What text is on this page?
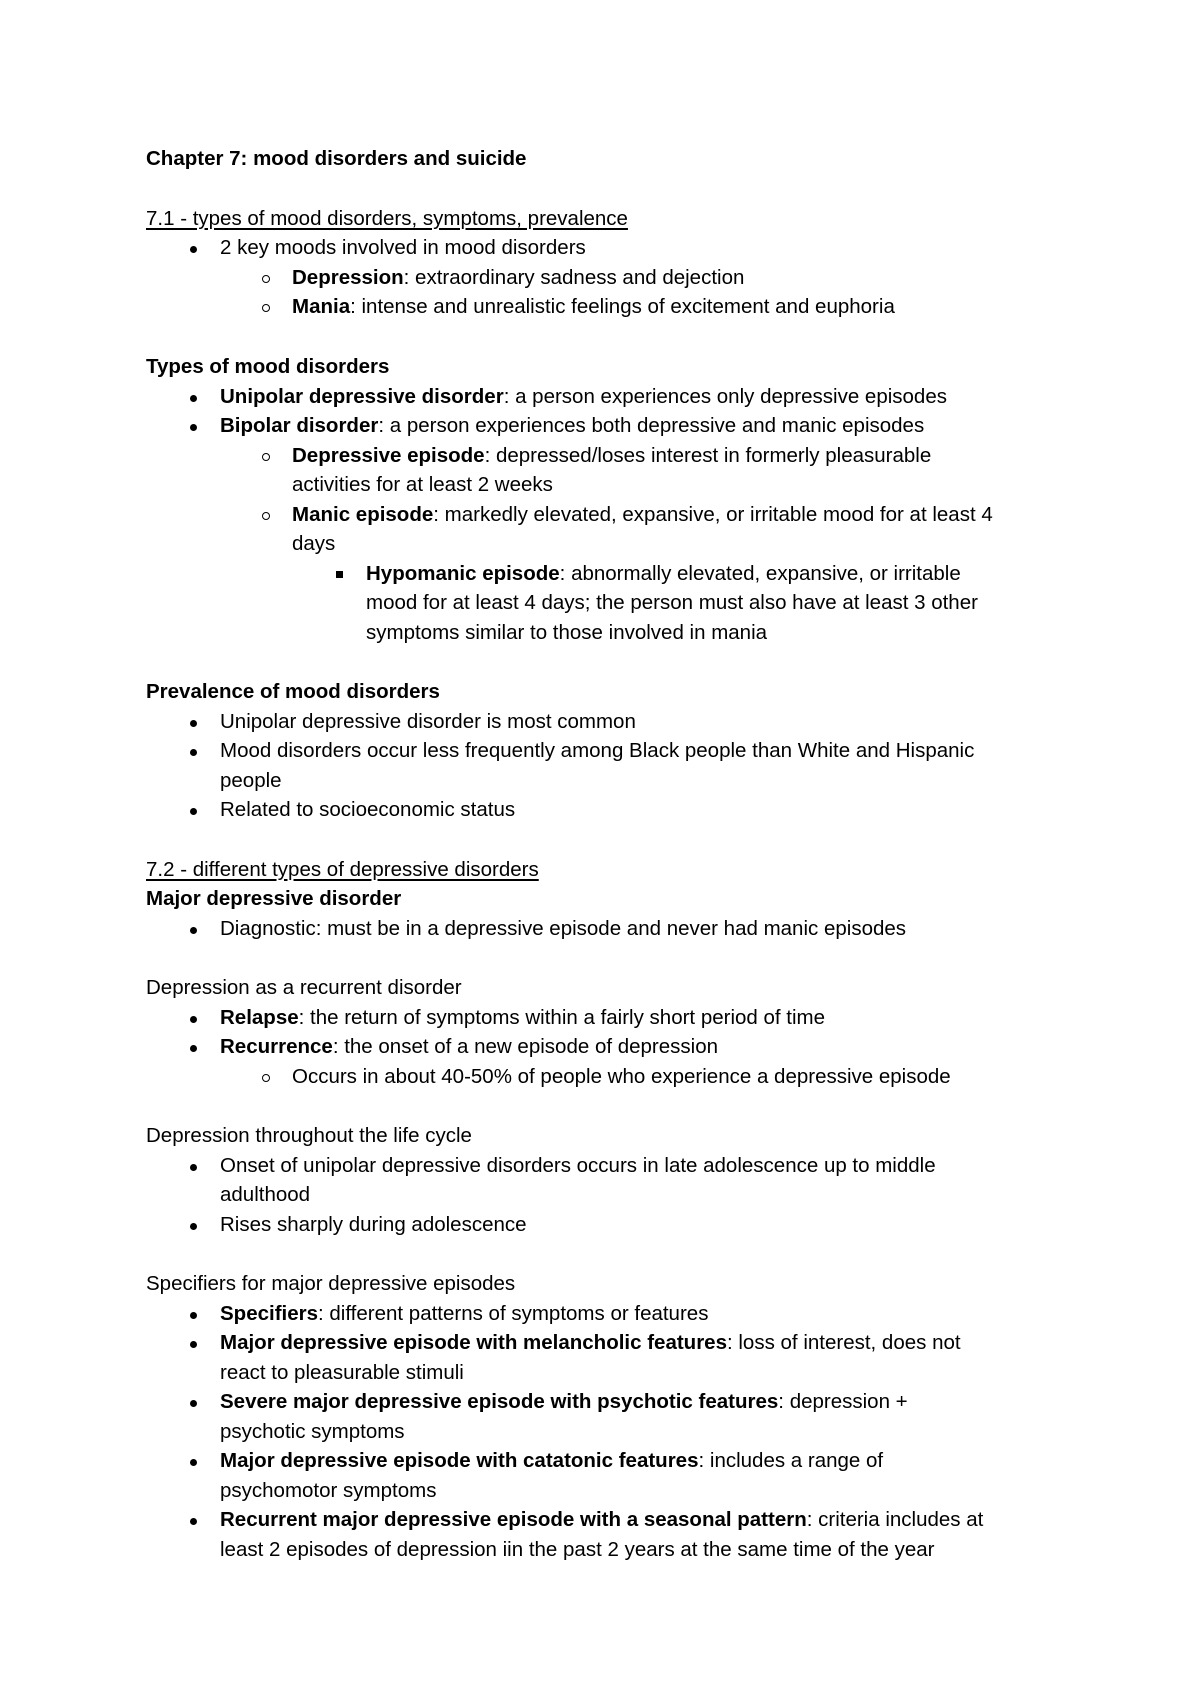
Chapter 7: mood disorders and suicide
7.1 - types of mood disorders, symptoms, prevalence
2 key moods involved in mood disorders
Depression: extraordinary sadness and dejection
Mania: intense and unrealistic feelings of excitement and euphoria
Types of mood disorders
Unipolar depressive disorder: a person experiences only depressive episodes
Bipolar disorder: a person experiences both depressive and manic episodes
Depressive episode: depressed/loses interest in formerly pleasurable
activities for at least 2 weeks
Manic episode: markedly elevated, expansive, or irritable mood for at least 4
days
Hypomanic episode: abnormally elevated, expansive, or irritable
mood for at least 4 days; the person must also have at least 3 other
symptoms similar to those involved in mania
Prevalence of mood disorders
Unipolar depressive disorder is most common
Mood disorders occur less frequently among Black people than White and Hispanic
people
Related to socioeconomic status
7.2 - different types of depressive disorders
Major depressive disorder
Diagnostic: must be in a depressive episode and never had manic episodes
Depression as a recurrent disorder
Relapse: the return of symptoms within a fairly short period of time
Recurrence: the onset of a new episode of depression
Occurs in about 40-50% of people who experience a depressive episode
Depression throughout the life cycle
Onset of unipolar depressive disorders occurs in late adolescence up to middle
adulthood
Rises sharply during adolescence
Specifiers for major depressive episodes
Specifiers: different patterns of symptoms or features
Major depressive episode with melancholic features: loss of interest, does not
react to pleasurable stimuli
Severe major depressive episode with psychotic features: depression +
psychotic symptoms
Major depressive episode with catatonic features: includes a range of
psychomotor symptoms
Recurrent major depressive episode with a seasonal pattern: criteria includes at
least 2 episodes of depression iin the past 2 years at the same time of the year
